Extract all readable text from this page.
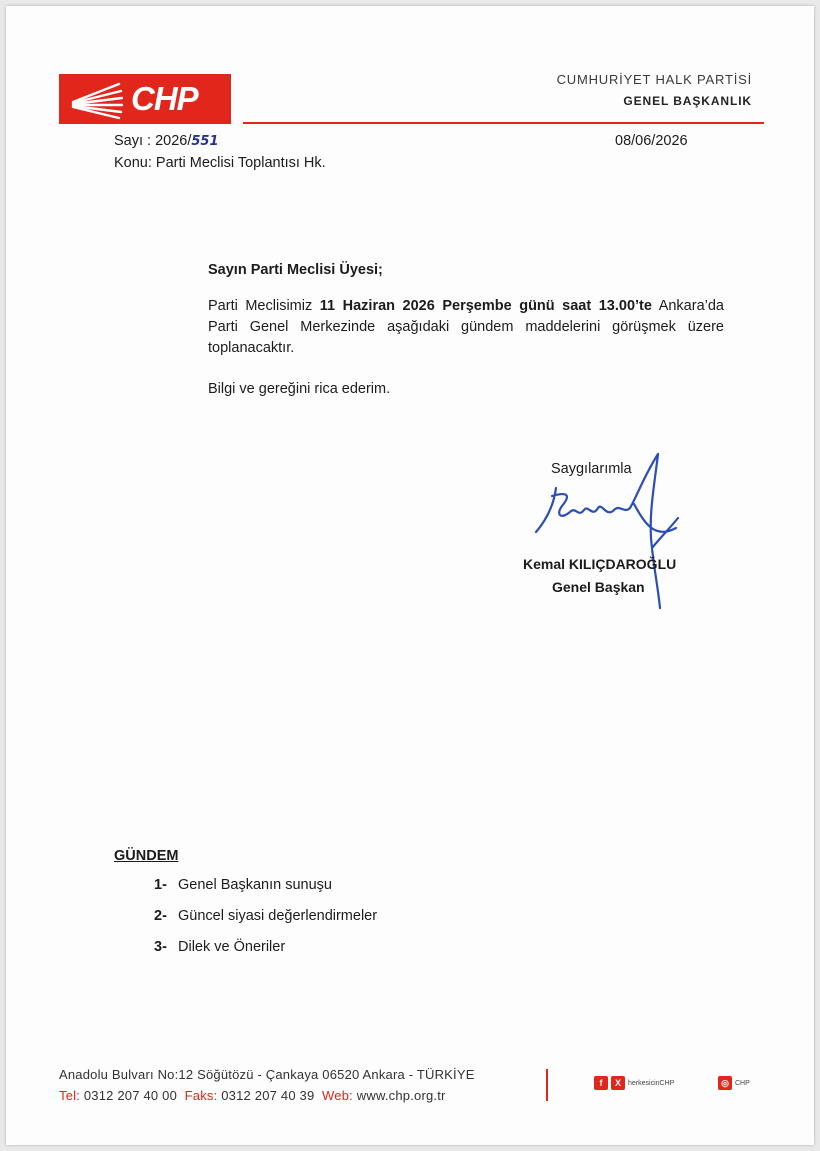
CHP
CUMHURİYET HALK PARTİSİ
GENEL BAŞKANLIK
Sayı : 2026/551
Konu: Parti Meclisi Toplantısı Hk.
08/06/2026
Sayın Parti Meclisi Üyesi;
Parti Meclisimiz 11 Haziran 2026 Perşembe günü saat 13.00’te Ankara’da Parti Genel Merkezinde aşağıdaki gündem maddelerini görüşmek üzere toplanacaktır.
Bilgi ve gereğini rica ederim.
Saygılarımla
Kemal KILIÇDAROĞLU
Genel Başkan
GÜNDEM
1- Genel Başkanın sunuşu
2- Güncel siyasi değerlendirmeler
3- Dilek ve Öneriler
Anadolu Bulvarı No:12 Söğütözü - Çankaya 06520 Ankara - TÜRKİYE
Tel: 0312 207 40 00 Faks: 0312 207 40 39 Web: www.chp.org.tr
f	X	herkesicinCHP	◎ CHP
